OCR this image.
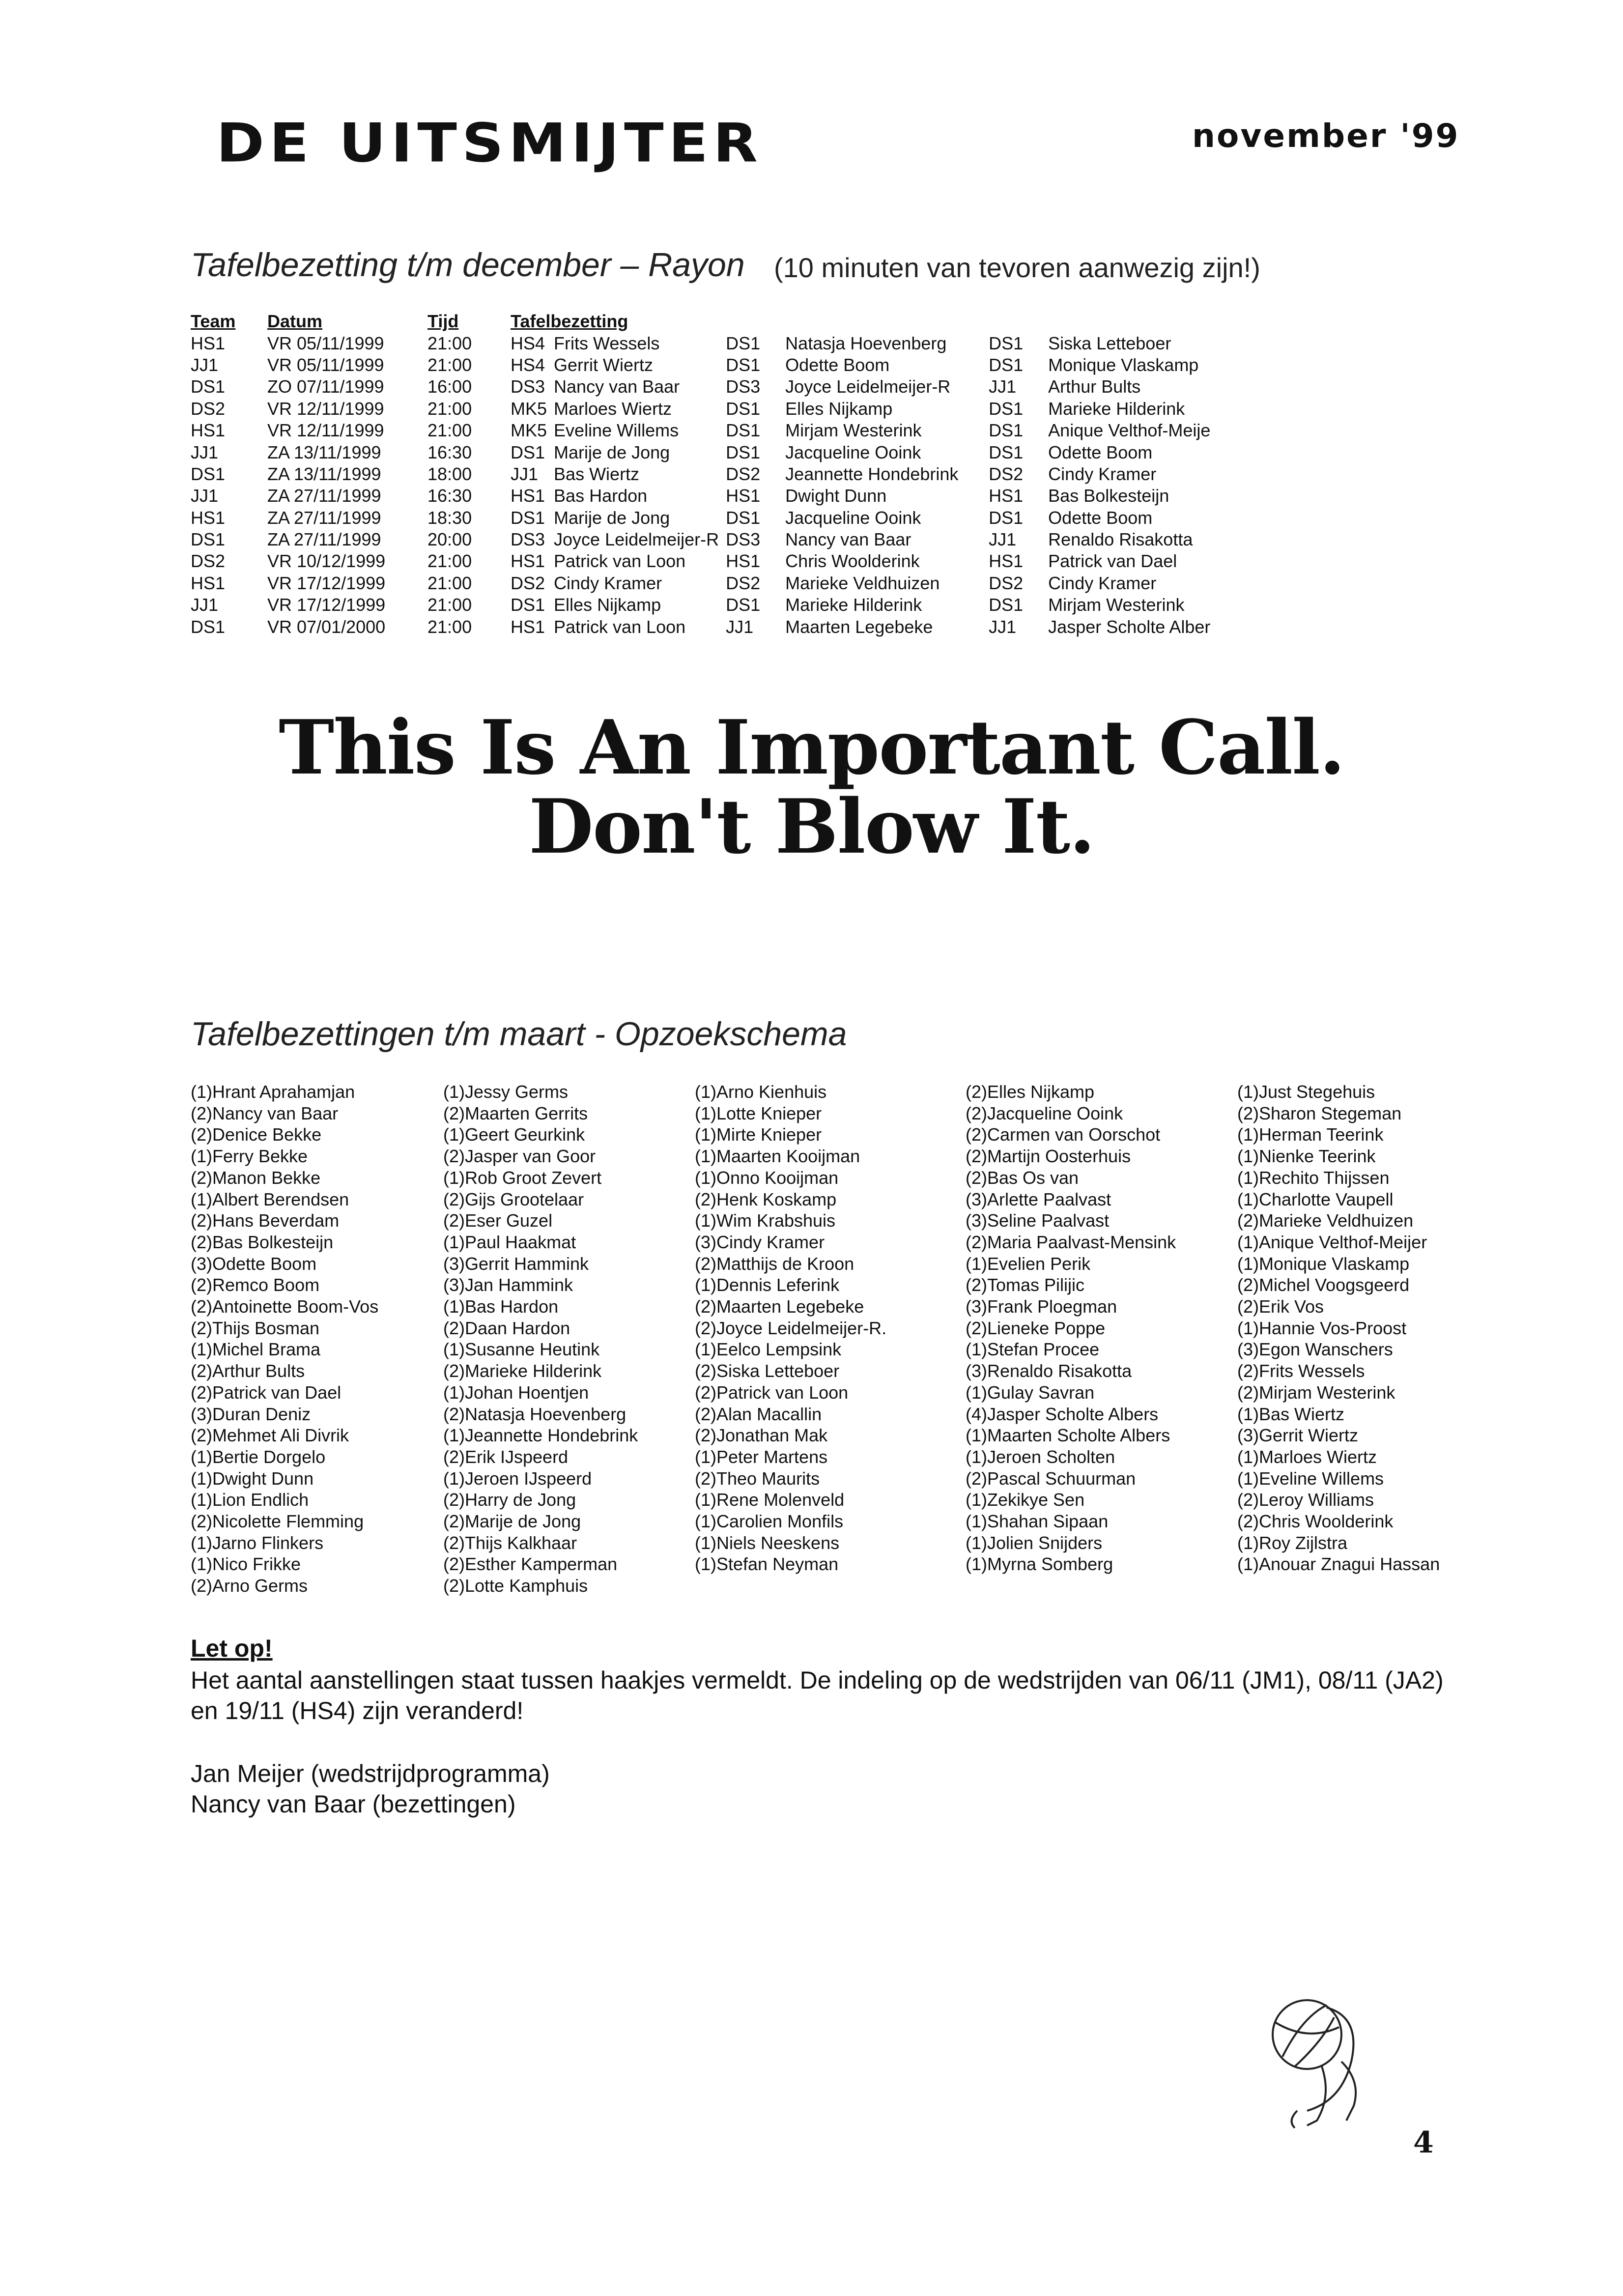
DE UITSMIJTER	november '99
Tafelbezetting t/m december – Rayon (10 minuten van tevoren aanwezig zijn!)
Team	Datum	Tijd	Tafelbezetting					
HS1	VR 05/11/1999	21:00	HS4	Frits Wessels	DS1	Natasja Hoevenberg	DS1	Siska Letteboer
JJ1	VR 05/11/1999	21:00	HS4	Gerrit Wiertz	DS1	Odette Boom	DS1	Monique Vlaskamp
DS1	ZO 07/11/1999	16:00	DS3	Nancy van Baar	DS3	Joyce Leidelmeijer-R	JJ1	Arthur Bults
DS2	VR 12/11/1999	21:00	MK5	Marloes Wiertz	DS1	Elles Nijkamp	DS1	Marieke Hilderink
HS1	VR 12/11/1999	21:00	MK5	Eveline Willems	DS1	Mirjam Westerink	DS1	Anique Velthof-Meije
JJ1	ZA 13/11/1999	16:30	DS1	Marije de Jong	DS1	Jacqueline Ooink	DS1	Odette Boom
DS1	ZA 13/11/1999	18:00	JJ1	Bas Wiertz	DS2	Jeannette Hondebrink	DS2	Cindy Kramer
JJ1	ZA 27/11/1999	16:30	HS1	Bas Hardon	HS1	Dwight Dunn	HS1	Bas Bolkesteijn
HS1	ZA 27/11/1999	18:30	DS1	Marije de Jong	DS1	Jacqueline Ooink	DS1	Odette Boom
DS1	ZA 27/11/1999	20:00	DS3	Joyce Leidelmeijer-R	DS3	Nancy van Baar	JJ1	Renaldo Risakotta
DS2	VR 10/12/1999	21:00	HS1	Patrick van Loon	HS1	Chris Woolderink	HS1	Patrick van Dael
HS1	VR 17/12/1999	21:00	DS2	Cindy Kramer	DS2	Marieke Veldhuizen	DS2	Cindy Kramer
JJ1	VR 17/12/1999	21:00	DS1	Elles Nijkamp	DS1	Marieke Hilderink	DS1	Mirjam Westerink
DS1	VR 07/01/2000	21:00	HS1	Patrick van Loon	JJ1	Maarten Legebeke	JJ1	Jasper Scholte Alber
This Is An Important Call.
Don't Blow It.
Tafelbezettingen t/m maart - Opzoekschema
(1)Hrant Aprahamjan
(2)Nancy van Baar
(2)Denice Bekke
(1)Ferry Bekke
(2)Manon Bekke
(1)Albert Berendsen
(2)Hans Beverdam
(2)Bas Bolkesteijn
(3)Odette Boom
(2)Remco Boom
(2)Antoinette Boom-Vos
(2)Thijs Bosman
(1)Michel Brama
(2)Arthur Bults
(2)Patrick van Dael
(3)Duran Deniz
(2)Mehmet Ali Divrik
(1)Bertie Dorgelo
(1)Dwight Dunn
(1)Lion Endlich
(2)Nicolette Flemming
(1)Jarno Flinkers
(1)Nico Frikke
(2)Arno Germs
(1)Jessy Germs
(2)Maarten Gerrits
(1)Geert Geurkink
(2)Jasper van Goor
(1)Rob Groot Zevert
(2)Gijs Grootelaar
(2)Eser Guzel
(1)Paul Haakmat
(3)Gerrit Hammink
(3)Jan Hammink
(1)Bas Hardon
(2)Daan Hardon
(1)Susanne Heutink
(2)Marieke Hilderink
(1)Johan Hoentjen
(2)Natasja Hoevenberg
(1)Jeannette Hondebrink
(2)Erik IJspeerd
(1)Jeroen IJspeerd
(2)Harry de Jong
(2)Marije de Jong
(2)Thijs Kalkhaar
(2)Esther Kamperman
(2)Lotte Kamphuis
(1)Arno Kienhuis
(1)Lotte Knieper
(1)Mirte Knieper
(1)Maarten Kooijman
(1)Onno Kooijman
(2)Henk Koskamp
(1)Wim Krabshuis
(3)Cindy Kramer
(2)Matthijs de Kroon
(1)Dennis Leferink
(2)Maarten Legebeke
(2)Joyce Leidelmeijer-R.
(1)Eelco Lempsink
(2)Siska Letteboer
(2)Patrick van Loon
(2)Alan Macallin
(2)Jonathan Mak
(1)Peter Martens
(2)Theo Maurits
(1)Rene Molenveld
(1)Carolien Monfils
(1)Niels Neeskens
(1)Stefan Neyman
(2)Elles Nijkamp
(2)Jacqueline Ooink
(2)Carmen van Oorschot
(2)Martijn Oosterhuis
(2)Bas Os van
(3)Arlette Paalvast
(3)Seline Paalvast
(2)Maria Paalvast-Mensink
(1)Evelien Perik
(2)Tomas Pilijic
(3)Frank Ploegman
(2)Lieneke Poppe
(1)Stefan Procee
(3)Renaldo Risakotta
(1)Gulay Savran
(4)Jasper Scholte Albers
(1)Maarten Scholte Albers
(1)Jeroen Scholten
(2)Pascal Schuurman
(1)Zekikye Sen
(1)Shahan Sipaan
(1)Jolien Snijders
(1)Myrna Somberg
(1)Just Stegehuis
(2)Sharon Stegeman
(1)Herman Teerink
(1)Nienke Teerink
(1)Rechito Thijssen
(1)Charlotte Vaupell
(2)Marieke Veldhuizen
(1)Anique Velthof-Meijer
(1)Monique Vlaskamp
(2)Michel Voogsgeerd
(2)Erik Vos
(1)Hannie Vos-Proost
(3)Egon Wanschers
(2)Frits Wessels
(2)Mirjam Westerink
(1)Bas Wiertz
(3)Gerrit Wiertz
(1)Marloes Wiertz
(1)Eveline Willems
(2)Leroy Williams
(2)Chris Woolderink
(1)Roy Zijlstra
(1)Anouar Znagui Hassan
Let op!
Het aantal aanstellingen staat tussen haakjes vermeldt. De indeling op de wedstrijden van 06/11 (JM1), 08/11 (JA2) en 19/11 (HS4) zijn veranderd!
Jan Meijer (wedstrijdprogramma)
Nancy van Baar (bezettingen)
4
